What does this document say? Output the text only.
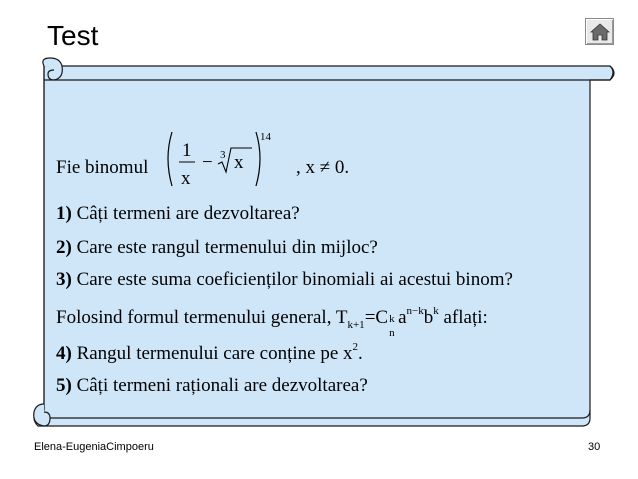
Test
Fie binomul
1
x
− 3 x
14
, x ≠ 0.
1) Câți termeni are dezvoltarea?
2) Care este rangul termenului din mijloc?
3) Care este suma coeficienților binomiali ai acestui binom?
Folosind formul termenului general, $T_{k+1}=C$ k
n
$a^{n-k}b^k$ aflați:
4) Rangul termenului care conține pe $x^2$.
5) Câți termeni raționali are dezvoltarea?
Elena-EugeniaCimpoeru	30
